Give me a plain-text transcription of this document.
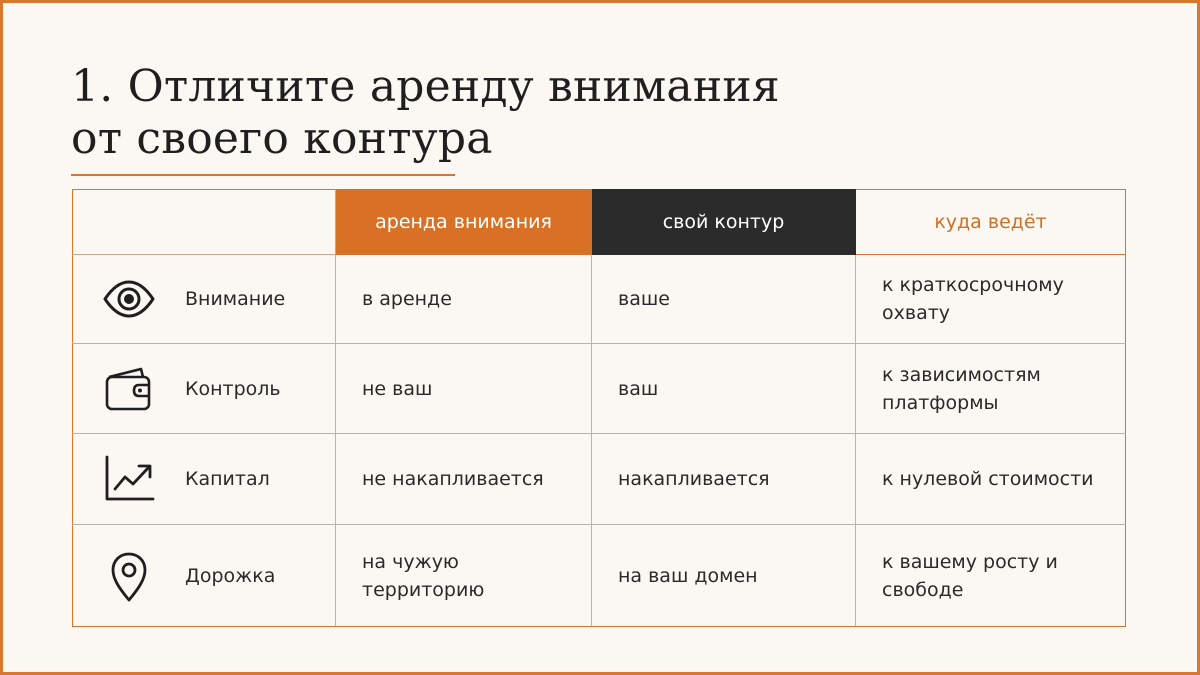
1. Отличите аренду внимания
от своего контура
	аренда внимания	свой контур	куда ведёт

Внимание	в аренде	ваше	к краткосрочному охвату

Контроль	не ваш	ваш	к зависимостям платформы

Капитал	не накапливается	накапливается	к нулевой стоимости

Дорожка	на чужую территорию	на ваш домен	к вашему росту и свободе
